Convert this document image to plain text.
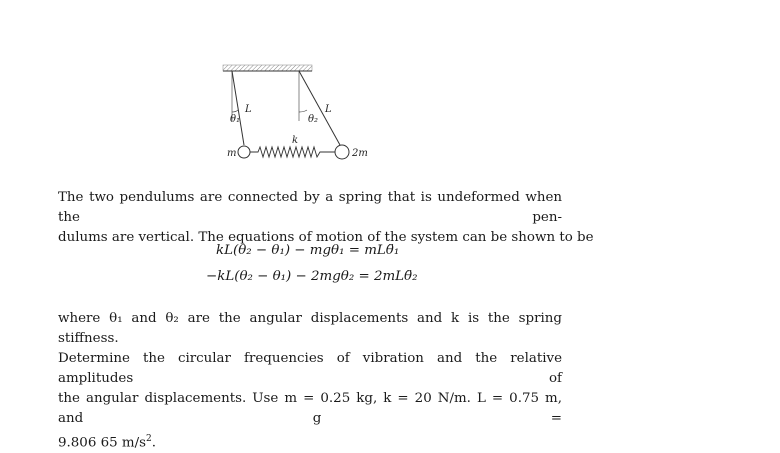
θ₁
L
m
θ₂
L
2m
k
The two pendulums are connected by a spring that is undeformed when the pen-
dulums are vertical. The equations of motion of the system can be shown to be
kL(θ₂ − θ₁) − mgθ₁ = mLθ̈₁
−kL(θ₂ − θ₁) − 2mgθ₂ = 2mLθ̈₂
where θ₁ and θ₂ are the angular displacements and k is the spring stiffness.
Determine the circular frequencies of vibration and the relative amplitudes of
the angular displacements. Use m = 0.25 kg, k = 20 N/m. L = 0.75 m, and g =
9.806 65 $m/s^2$.
